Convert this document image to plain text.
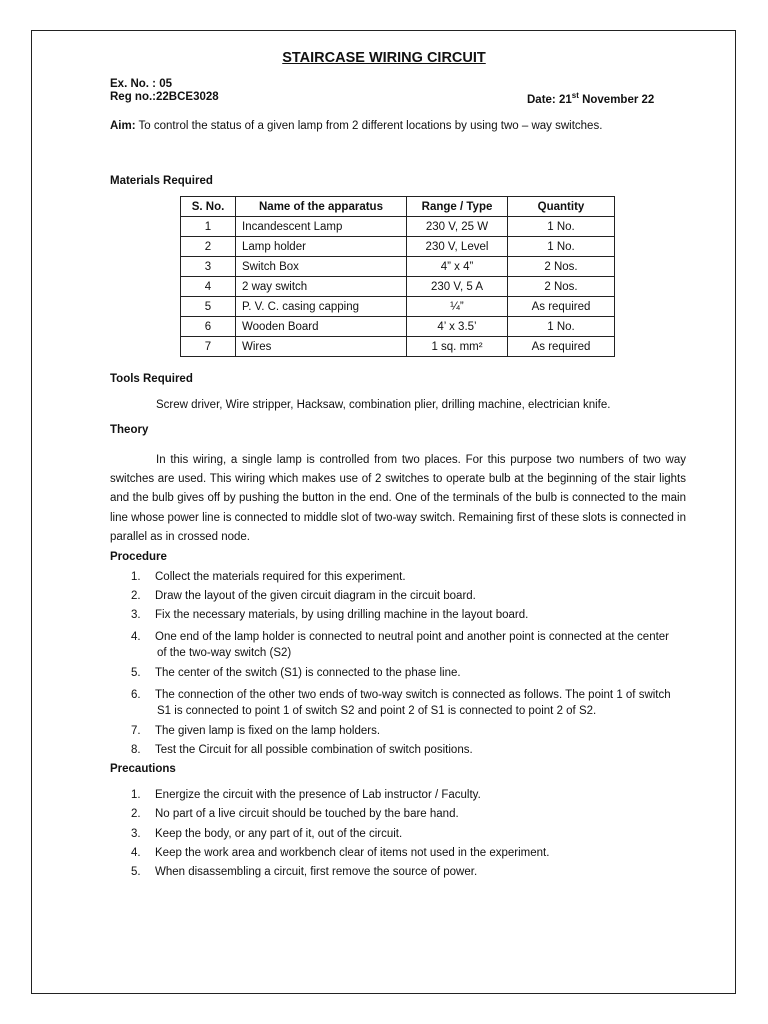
STAIRCASE WIRING CIRCUIT
Ex. No. : 05
Reg no.:22BCE3028	Date: 21st November 22
Aim: To control the status of a given lamp from 2 different locations by using two – way switches.
Materials Required
S. No.	Name of the apparatus	Range / Type	Quantity
1	Incandescent Lamp	230 V, 25 W	1 No.
2	Lamp holder	230 V, Level	1 No.
3	Switch Box	4” x 4”	2 Nos.
4	2 way switch	230 V, 5 A	2 Nos.
5	P. V. C. casing capping	¼”	As required
6	Wooden Board	4’ x 3.5’	1 No.
7	Wires	1 sq. mm²	As required
Tools Required
Screw driver, Wire stripper, Hacksaw, combination plier, drilling machine, electrician knife.
Theory
In this wiring, a single lamp is controlled from two places. For this purpose two numbers of two way switches are used. This wiring which makes use of 2 switches to operate bulb at the beginning of the stair lights and the bulb gives off by pushing the button in the end. One of the terminals of the bulb is connected to the main line whose power line is connected to middle slot of two-way switch. Remaining first of these slots is connected in parallel as in crossed node.
Procedure
1. Collect the materials required for this experiment.
2. Draw the layout of the given circuit diagram in the circuit board.
3. Fix the necessary materials, by using drilling machine in the layout board.
4. One end of the lamp holder is connected to neutral point and another point is connected at the center
of the two-way switch (S2)
5. The center of the switch (S1) is connected to the phase line.
6. The connection of the other two ends of two-way switch is connected as follows. The point 1 of switch
S1 is connected to point 1 of switch S2 and point 2 of S1 is connected to point 2 of S2.
7. The given lamp is fixed on the lamp holders.
8. Test the Circuit for all possible combination of switch positions.
Precautions
1. Energize the circuit with the presence of Lab instructor / Faculty.
2. No part of a live circuit should be touched by the bare hand.
3. Keep the body, or any part of it, out of the circuit.
4. Keep the work area and workbench clear of items not used in the experiment.
5. When disassembling a circuit, first remove the source of power.
